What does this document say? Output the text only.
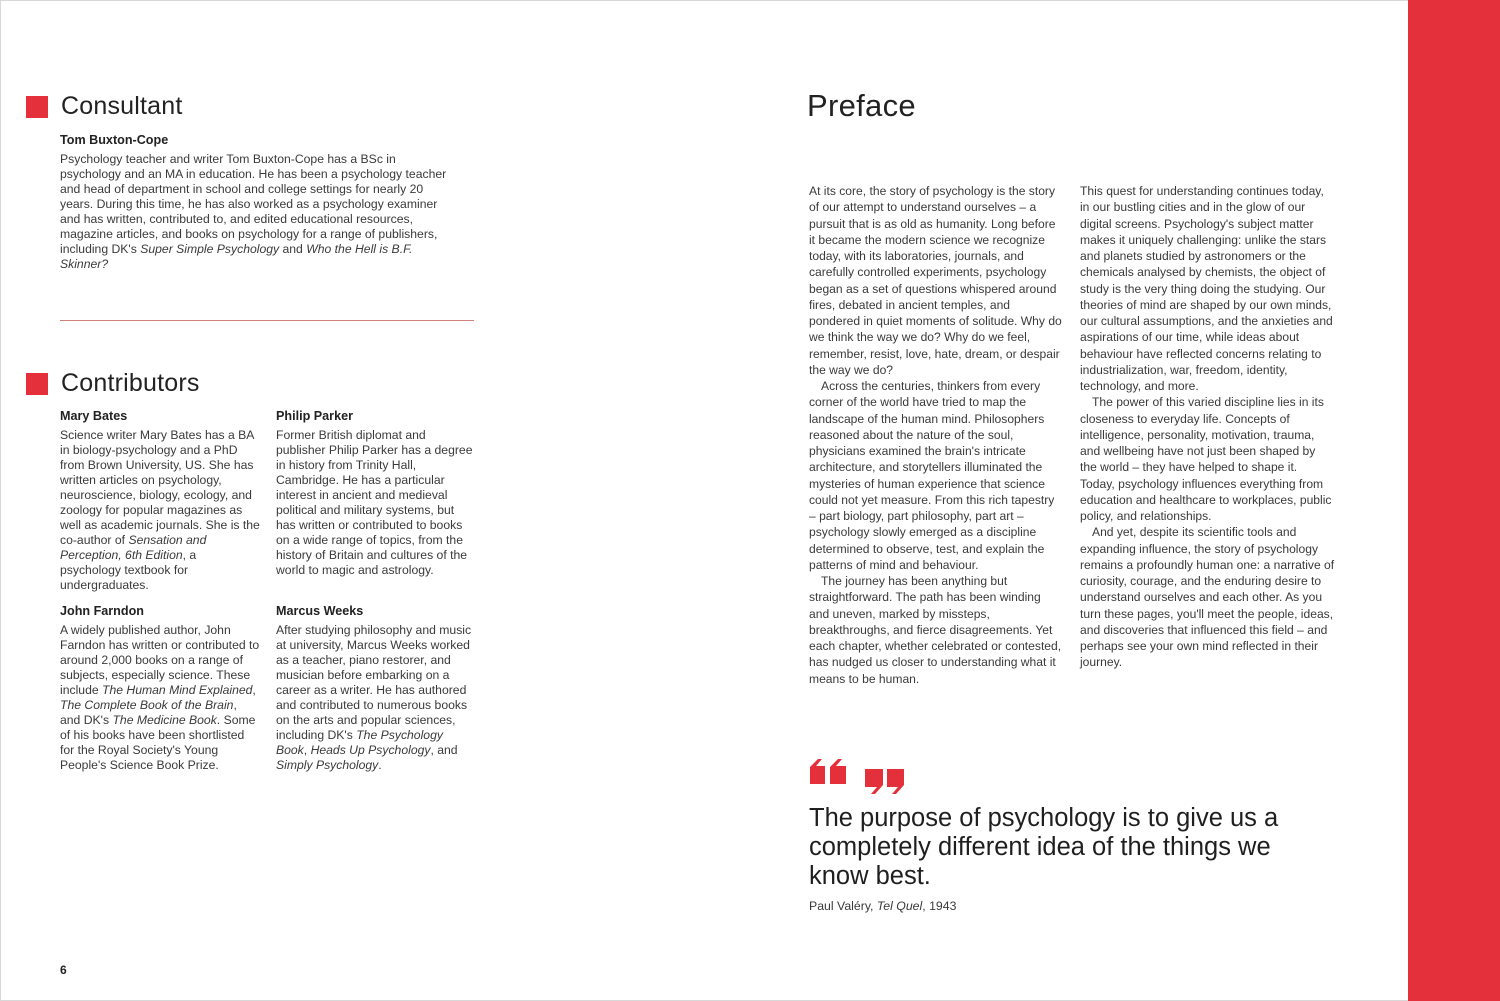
Consultant
Tom Buxton-Cope

Psychology teacher and writer Tom Buxton-Cope has a BSc in psychology and an MA in education. He has been a psychology teacher and head of department in school and college settings for nearly 20 years. During this time, he has also worked as a psychology examiner and has written, contributed to, and edited educational resources, magazine articles, and books on psychology for a range of publishers, including DK's Super Simple Psychology and Who the Hell is B.F. Skinner?

Contributors
Mary Bates

Science writer Mary Bates has a BA in biology-psychology and a PhD from Brown University, US. She has written articles on psychology, neuroscience, biology, ecology, and zoology for popular magazines as well as academic journals. She is the co-author of Sensation and Perception, 6th Edition, a psychology textbook for undergraduates.

Philip Parker

Former British diplomat and publisher Philip Parker has a degree in history from Trinity Hall, Cambridge. He has a particular interest in ancient and medieval political and military systems, but has written or contributed to books on a wide range of topics, from the history of Britain and cultures of the world to magic and astrology.

John Farndon

A widely published author, John Farndon has written or contributed to around 2,000 books on a range of subjects, especially science. These include The Human Mind Explained, The Complete Book of the Brain, and DK's The Medicine Book. Some of his books have been shortlisted for the Royal Society's Young People's Science Book Prize.

Marcus Weeks

After studying philosophy and music at university, Marcus Weeks worked as a teacher, piano restorer, and musician before embarking on a career as a writer. He has authored and contributed to numerous books on the arts and popular sciences, including DK's The Psychology Book, Heads Up Psychology, and Simply Psychology.

6
Preface

At its core, the story of psychology is the story of our attempt to understand ourselves – a pursuit that is as old as humanity. Long before it became the modern science we recognize today, with its laboratories, journals, and carefully controlled experiments, psychology began as a set of questions whispered around fires, debated in ancient temples, and pondered in quiet moments of solitude. Why do we think the way we do? Why do we feel, remember, resist, love, hate, dream, or despair the way we do?

Across the centuries, thinkers from every corner of the world have tried to map the landscape of the human mind. Philosophers reasoned about the nature of the soul, physicians examined the brain's intricate architecture, and storytellers illuminated the mysteries of human experience that science could not yet measure. From this rich tapestry – part biology, part philosophy, part art – psychology slowly emerged as a discipline determined to observe, test, and explain the patterns of mind and behaviour.

The journey has been anything but straightforward. The path has been winding and uneven, marked by missteps, breakthroughs, and fierce disagreements. Yet each chapter, whether celebrated or contested, has nudged us closer to understanding what it means to be human.

This quest for understanding continues today, in our bustling cities and in the glow of our digital screens. Psychology's subject matter makes it uniquely challenging: unlike the stars and planets studied by astronomers or the chemicals analysed by chemists, the object of study is the very thing doing the studying. Our theories of mind are shaped by our own minds, our cultural assumptions, and the anxieties and aspirations of our time, while ideas about behaviour have reflected concerns relating to industrialization, war, freedom, identity, technology, and more.

The power of this varied discipline lies in its closeness to everyday life. Concepts of intelligence, personality, motivation, trauma, and wellbeing have not just been shaped by the world – they have helped to shape it. Today, psychology influences everything from education and healthcare to workplaces, public policy, and relationships.

And yet, despite its scientific tools and expanding influence, the story of psychology remains a profoundly human one: a narrative of curiosity, courage, and the enduring desire to understand ourselves and each other. As you turn these pages, you'll meet the people, ideas, and discoveries that influenced this field – and perhaps see your own mind reflected in their journey.

The purpose of psychology is to give us a completely different idea of the things we know best.
Paul Valéry, Tel Quel, 1943
